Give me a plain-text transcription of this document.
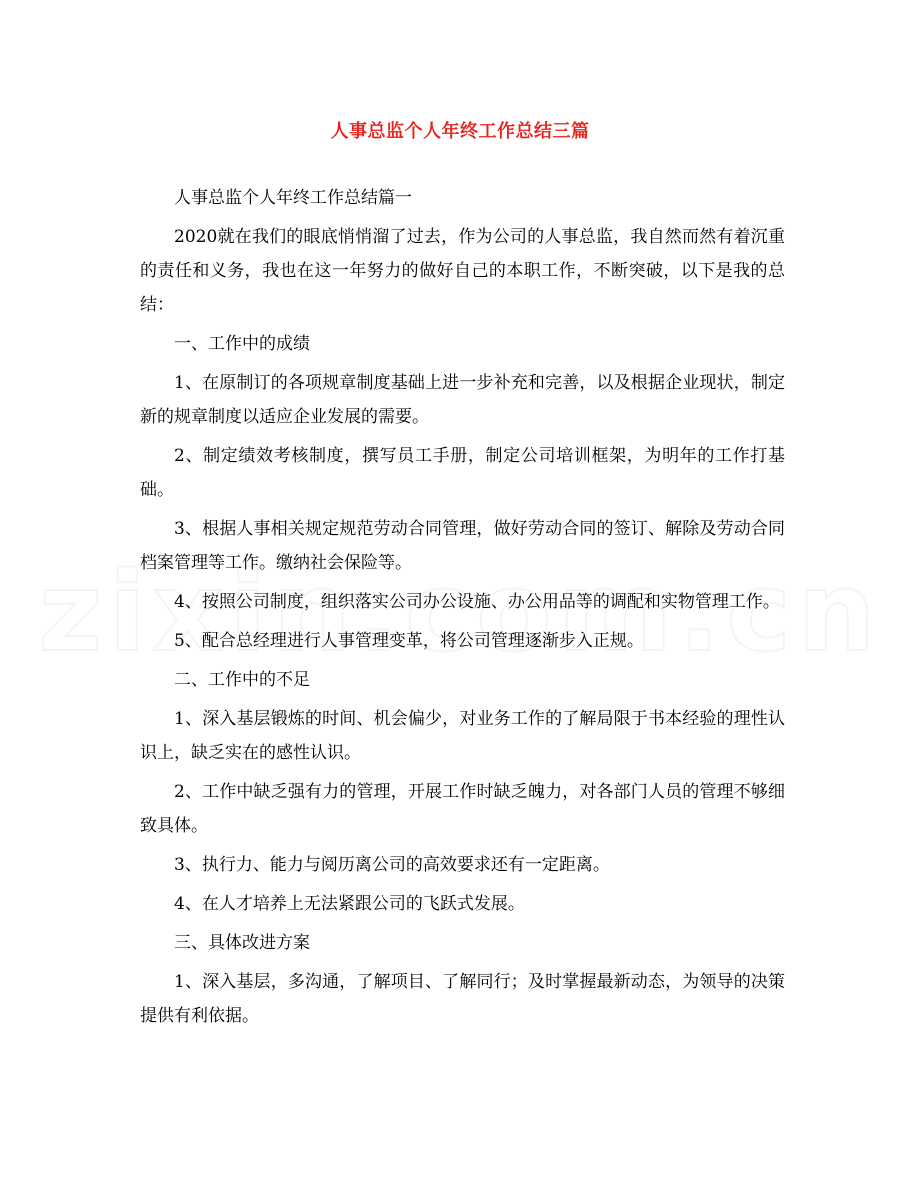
人事总监个人年终工作总结三篇

人事总监个人年终工作总结篇一

2020就在我们的眼底悄悄溜了过去，作为公司的人事总监，我自然而然有着沉重的责任和义务，我也在这一年努力的做好自己的本职工作，不断突破，以下是我的总结：

一、工作中的成绩

1、在原制订的各项规章制度基础上进一步补充和完善，以及根据企业现状，制定新的规章制度以适应企业发展的需要。

2、制定绩效考核制度，撰写员工手册，制定公司培训框架，为明年的工作打基础。

3、根据人事相关规定规范劳动合同管理，做好劳动合同的签订、解除及劳动合同档案管理等工作。缴纳社会保险等。

4、按照公司制度，组织落实公司办公设施、办公用品等的调配和实物管理工作。

5、配合总经理进行人事管理变革，将公司管理逐渐步入正规。

二、工作中的不足

1、深入基层锻炼的时间、机会偏少，对业务工作的了解局限于书本经验的理性认识上，缺乏实在的感性认识。

2、工作中缺乏强有力的管理，开展工作时缺乏魄力，对各部门人员的管理不够细致具体。

3、执行力、能力与阅历离公司的高效要求还有一定距离。

4、在人才培养上无法紧跟公司的飞跃式发展。

三、具体改进方案

1、深入基层，多沟通，了解项目、了解同行；及时掌握最新动态，为领导的决策提供有利依据。
